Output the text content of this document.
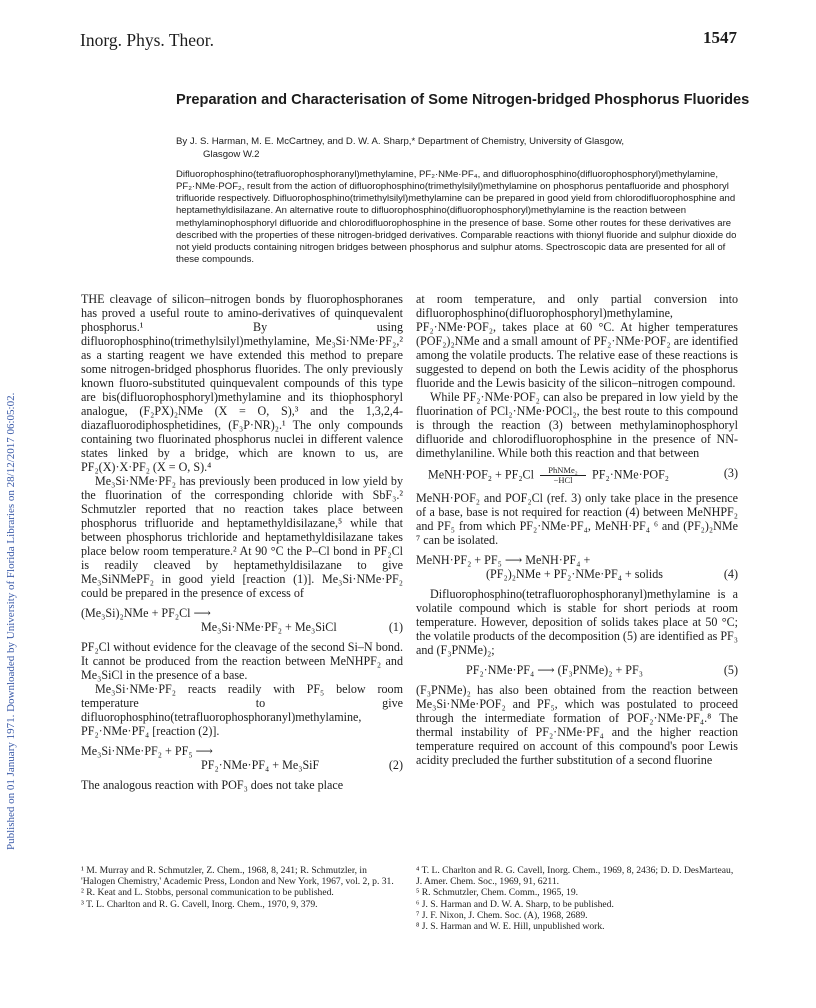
Inorg. Phys. Theor.	1547
Published on 01 January 1971. Downloaded by University of Florida Libraries on 28/12/2017 06:05:02.
Preparation and Characterisation of Some Nitrogen-bridged Phosphorus Fluorides
By J. S. Harman, M. E. McCartney, and D. W. A. Sharp,* Department of Chemistry, University of Glasgow,
Glasgow W.2

Difluorophosphino(tetrafluorophosphoranyl)methylamine, PF₂·NMe·PF₄, and difluorophosphino(difluorophosphoryl)methylamine, PF₂·NMe·POF₂, result from the action of difluorophosphino(trimethylsilyl)methylamine on phosphorus pentafluoride and phosphoryl trifluoride respectively. Difluorophosphino(trimethylsilyl)methylamine can be prepared in good yield from chlorodifluorophosphine and heptamethyldisilazane. An alternative route to difluorophosphino(difluorophosphoryl)methylamine is the reaction between methylaminophosphoryl difluoride and chlorodifluorophosphine in the presence of base. Some other routes for these derivatives are described with the properties of these nitrogen-bridged derivatives. Comparable reactions with thionyl fluoride and sulphur dioxide do not yield products containing nitrogen bridges between phosphorus and sulphur atoms. Spectroscopic data are presented for all of these compounds.

THE cleavage of silicon–nitrogen bonds by fluorophosphoranes has proved a useful route to amino-derivatives of quinquevalent phosphorus.¹ By using difluorophosphino(trimethylsilyl)methylamine, Me₃Si·NMe·PF₂,² as a starting reagent we have extended this method to prepare some nitrogen-bridged phosphorus fluorides. The only previously known fluoro-substituted quinquevalent compounds of this type are bis(difluorophosphoryl)methylamine and its thiophosphoryl analogue, (F₂PX)₂NMe (X = O, S),³ and the 1,3,2,4-diazafluorodiphosphetidines, (F₃P·NR)₂.¹ The only compounds containing two fluorinated phosphorus nuclei in different valence states linked by a bridge, which are known to us, are PF₂(X)·X·PF₂ (X = O, S).⁴

Me₃Si·NMe·PF₂ has previously been produced in low yield by the fluorination of the corresponding chloride with SbF₃.² Schmutzler reported that no reaction takes place between phosphorus trifluoride and heptamethyldisilazane,⁵ while that between phosphorus trichloride and heptamethyldisilazane takes place below room temperature.² At 90 °C the P–Cl bond in PF₂Cl is readily cleaved by heptamethyldisilazane to give Me₃SiNMePF₂ in good yield [reaction (1)]. Me₃Si·NMe·PF₂ could be prepared in the presence of excess of

(Me₃Si)₂NMe + PF₂Cl ⟶
Me₃Si·NMe·PF₂ + Me₃SiCl	(1)

PF₂Cl without evidence for the cleavage of the second Si–N bond. It cannot be produced from the reaction between MeNHPF₂ and Me₃SiCl in the presence of a base.

Me₃Si·NMe·PF₂ reacts readily with PF₅ below room temperature to give difluorophosphino(tetrafluorophosphoranyl)methylamine, PF₂·NMe·PF₄ [reaction (2)].

Me₃Si·NMe·PF₂ + PF₅ ⟶
PF₂·NMe·PF₄ + Me₃SiF	(2)

The analogous reaction with POF₃ does not take place

at room temperature, and only partial conversion into difluorophosphino(difluorophosphoryl)methylamine, PF₂·NMe·POF₂, takes place at 60 °C. At higher temperatures (POF₂)₂NMe and a small amount of PF₂·NMe·POF₂ are identified among the volatile products. The relative ease of these reactions is suggested to depend on both the Lewis acidity of the phosphorus fluoride and the Lewis basicity of the silicon–nitrogen compound.

While PF₂·NMe·POF₂ can also be prepared in low yield by the fluorination of PCl₂·NMe·POCl₂, the best route to this compound is through the reaction (3) between methylaminophosphoryl difluoride and chlorodifluorophosphine in the presence of NN-dimethylaniline. While both this reaction and that between

MeNH·POF₂ + PF₂Cl	PhNMe₂
−HCl	PF₂·NMe·POF₂	(3)

MeNH·POF₂ and POF₂Cl (ref. 3) only take place in the presence of a base, base is not required for reaction (4) between MeNHPF₂ and PF₅ from which PF₂·NMe·PF₄, MeNH·PF₄ ⁶ and (PF₂)₂NMe ⁷ can be isolated.

MeNH·PF₂ + PF₅ ⟶ MeNH·PF₄ +
(PF₂)₂NMe + PF₂·NMe·PF₄ + solids	(4)

Difluorophosphino(tetrafluorophosphoranyl)methylamine is a volatile compound which is stable for short periods at room temperature. However, deposition of solids takes place at 50 °C; the volatile products of the decomposition (5) are identified as PF₃ and (F₃PNMe)₂;

PF₂·NMe·PF₄ ⟶ (F₃PNMe)₂ + PF₃	(5)

(F₃PNMe)₂ has also been obtained from the reaction between Me₃Si·NMe·POF₂ and PF₅, which was postulated to proceed through the intermediate formation of POF₂·NMe·PF₄.⁸ The thermal instability of PF₂·NMe·PF₄ and the higher reaction temperature required on account of this compound's poor Lewis acidity precluded the further substitution of a second fluorine

¹ M. Murray and R. Schmutzler, Z. Chem., 1968, 8, 241; R. Schmutzler, in 'Halogen Chemistry,' Academic Press, London and New York, 1967, vol. 2, p. 31.

² R. Keat and L. Stobbs, personal communication to be published.

³ T. L. Charlton and R. G. Cavell, Inorg. Chem., 1970, 9, 379.

⁴ T. L. Charlton and R. G. Cavell, Inorg. Chem., 1969, 8, 2436; D. D. DesMarteau, J. Amer. Chem. Soc., 1969, 91, 6211.

⁵ R. Schmutzler, Chem. Comm., 1965, 19.

⁶ J. S. Harman and D. W. A. Sharp, to be published.

⁷ J. F. Nixon, J. Chem. Soc. (A), 1968, 2689.

⁸ J. S. Harman and W. E. Hill, unpublished work.
